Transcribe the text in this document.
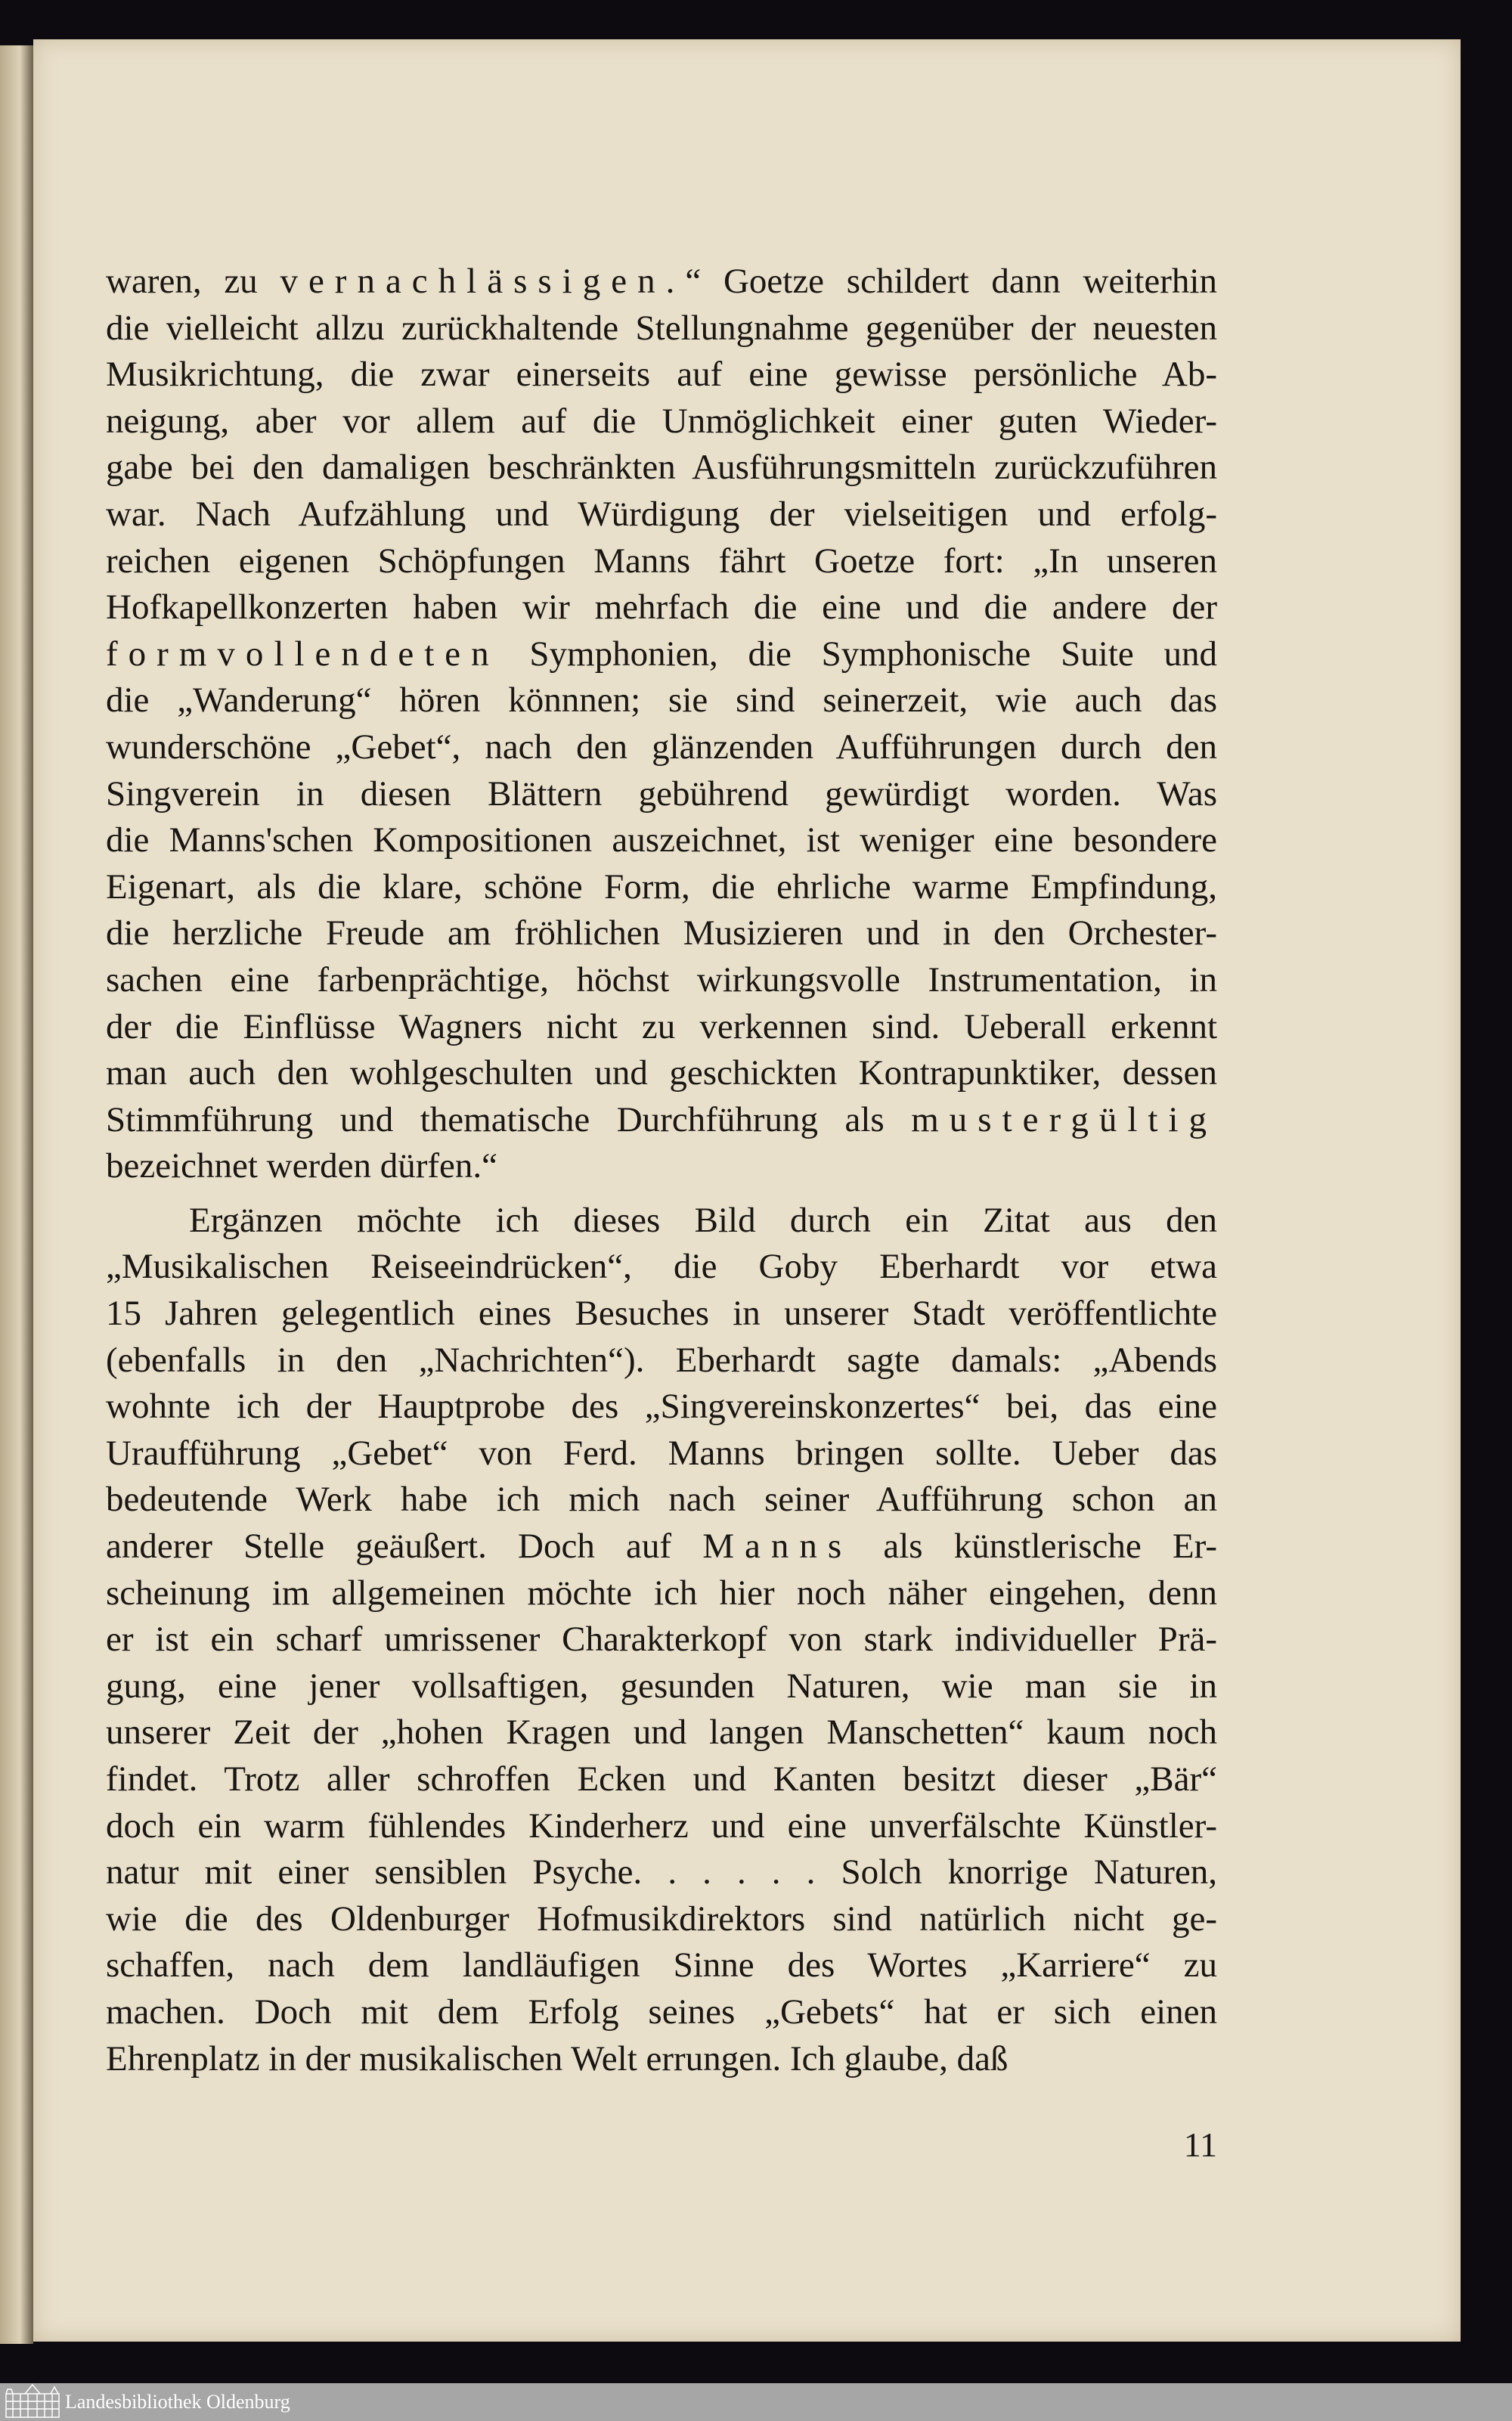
waren, zu vernachlässigen.“ Goetze schildert dann weiterhin
die vielleicht allzu zurückhaltende Stellungnahme gegenüber der neuesten
Musikrichtung, die zwar einerseits auf eine gewisse persönliche Ab-
neigung, aber vor allem auf die Unmöglichkeit einer guten Wieder-
gabe bei den damaligen beschränkten Ausführungsmitteln zurückzuführen
war. Nach Aufzählung und Würdigung der vielseitigen und erfolg-
reichen eigenen Schöpfungen Manns fährt Goetze fort: „In unseren
Hofkapellkonzerten haben wir mehrfach die eine und die andere der
formvollendeten Symphonien, die Symphonische Suite und
die „Wanderung“ hören könnnen; sie sind seinerzeit, wie auch das
wunderschöne „Gebet“, nach den glänzenden Aufführungen durch den
Singverein in diesen Blättern gebührend gewürdigt worden. Was
die Manns'schen Kompositionen auszeichnet, ist weniger eine besondere
Eigenart, als die klare, schöne Form, die ehrliche warme Empfindung,
die herzliche Freude am fröhlichen Musizieren und in den Orchester-
sachen eine farbenprächtige, höchst wirkungsvolle Instrumentation, in
der die Einflüsse Wagners nicht zu verkennen sind. Ueberall erkennt
man auch den wohlgeschulten und geschickten Kontrapunktiker, dessen
Stimmführung und thematische Durchführung als mustergültig
bezeichnet werden dürfen.“
Ergänzen möchte ich dieses Bild durch ein Zitat aus den
„Musikalischen Reiseeindrücken“, die Goby Eberhardt vor etwa
15 Jahren gelegentlich eines Besuches in unserer Stadt veröffentlichte
(ebenfalls in den „Nachrichten“). Eberhardt sagte damals: „Abends
wohnte ich der Hauptprobe des „Singvereinskonzertes“ bei, das eine
Uraufführung „Gebet“ von Ferd. Manns bringen sollte. Ueber das
bedeutende Werk habe ich mich nach seiner Aufführung schon an
anderer Stelle geäußert. Doch auf Manns als künstlerische Er-
scheinung im allgemeinen möchte ich hier noch näher eingehen, denn
er ist ein scharf umrissener Charakterkopf von stark individueller Prä-
gung, eine jener vollsaftigen, gesunden Naturen, wie man sie in
unserer Zeit der „hohen Kragen und langen Manschetten“ kaum noch
findet. Trotz aller schroffen Ecken und Kanten besitzt dieser „Bär“
doch ein warm fühlendes Kinderherz und eine unverfälschte Künstler-
natur mit einer sensiblen Psyche. . . . . . Solch knorrige Naturen,
wie die des Oldenburger Hofmusikdirektors sind natürlich nicht ge-
schaffen, nach dem landläufigen Sinne des Wortes „Karriere“ zu
machen. Doch mit dem Erfolg seines „Gebets“ hat er sich einen
Ehrenplatz in der musikalischen Welt errungen. Ich glaube, daß
11
Landesbibliothek Oldenburg
